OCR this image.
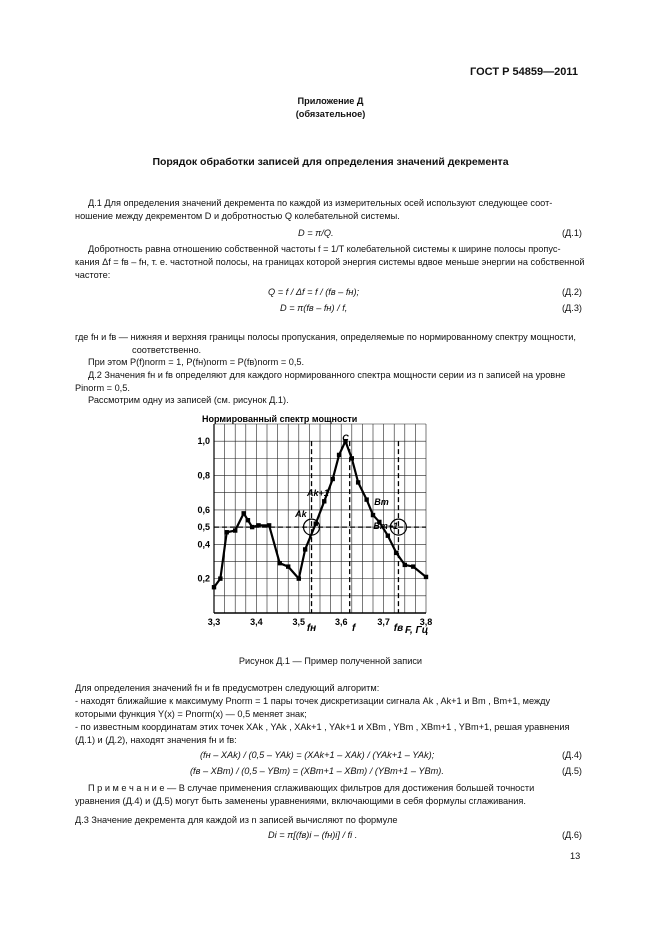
ГОСТ Р 54859—2011
Приложение Д
(обязательное)
Порядок обработки записей для определения значений декремента
Д.1 Для определения значений декремента по каждой из измерительных осей используют следующее соот-
ношение между декрементом D и добротностью Q колебательной системы.
D = π/Q.	(Д.1)
Добротность равна отношению собственной частоты f = 1/T колебательной системы к ширине полосы пропус-
кания Δf = fв – fн, т. е. частотной полосы, на границах которой энергия системы вдвое меньше энергии на собственной
частоте:
Q = f / Δf = f / (fв – fн);	(Д.2)
D = π(fв – fн) / f,	(Д.3)
где fн и fв — нижняя и верхняя границы полосы пропускания, определяемые по нормированному спектру мощности,
соответственно.
При этом P(f)norm = 1, P(fн)norm = P(fв)norm = 0,5.
Д.2 Значения fн и fв определяют для каждого нормированного спектра мощности серии из n записей на уровне
Pinorm = 0,5.
Рассмотрим одну из записей (см. рисунок Д.1).
Нормированный спектр мощности
3,3	3,4	3,5	3,6	3,7	3,8
0,2
0,4
0,5
0,6
0,8
1,0
fн	f	fв
C
Ak
Ak+1
Bm
Bm+1
F, Гц
Рисунок Д.1 — Пример полученной записи
Для определения значений fн и fв предусмотрен следующий алгоритм:
- находят ближайшие к максимуму Pnorm = 1 пары точек дискретизации сигнала Ak , Ak+1 и Bm , Bm+1, между
которыми функция Y(x) = Pnorm(x) — 0,5 меняет знак;
- по известным координатам этих точек XAk , YAk , XAk+1 , YAk+1 и XBm , YBm , XBm+1 , YBm+1, решая уравнения
(Д.1) и (Д.2), находят значения fн и fв:
(fн – XAk) / (0,5 – YAk) = (XAk+1 – XAk) / (YAk+1 – YAk);	(Д.4)
(fв – XBm) / (0,5 – YBm) = (XBm+1 – XBm) / (YBm+1 – YBm).	(Д.5)
П р и м е ч а н и е — В случае применения сглаживающих фильтров для достижения большей точности
уравнения (Д.4) и (Д.5) могут быть заменены уравнениями, включающими в себя формулы сглаживания.
Д.3 Значение декремента для каждой из n записей вычисляют по формуле
Di = π[(fв)i – (fн)i] / fi .	(Д.6)
13
